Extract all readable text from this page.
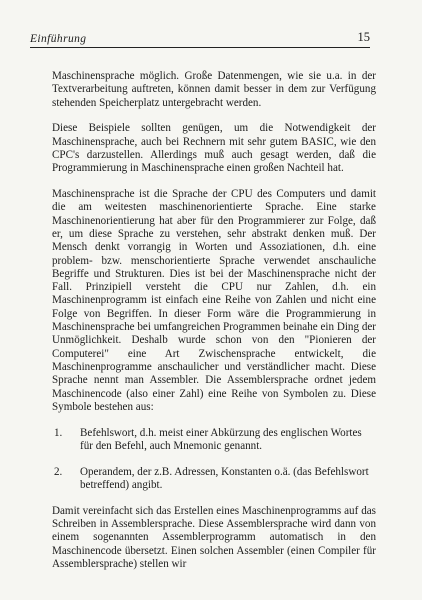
Einführung	15

Maschinensprache möglich. Große Datenmengen, wie sie u.a. in der Textverarbeitung auftreten, können damit besser in dem zur Verfügung stehenden Speicherplatz untergebracht werden.

Diese Beispiele sollten genügen, um die Notwendigkeit der Maschinensprache, auch bei Rechnern mit sehr gutem BASIC, wie den CPC's darzustellen. Allerdings muß auch gesagt werden, daß die Programmierung in Maschinensprache einen großen Nachteil hat.

Maschinensprache ist die Sprache der CPU des Computers und damit die am weitesten maschinenorientierte Sprache. Eine starke Maschinenorientierung hat aber für den Programmierer zur Folge, daß er, um diese Sprache zu verstehen, sehr abstrakt denken muß. Der Mensch denkt vorrangig in Worten und Assoziationen, d.h. eine problem- bzw. menschorientierte Sprache verwendet anschauliche Begriffe und Strukturen. Dies ist bei der Maschinensprache nicht der Fall. Prinzipiell versteht die CPU nur Zahlen, d.h. ein Maschinenprogramm ist einfach eine Reihe von Zahlen und nicht eine Folge von Begriffen. In dieser Form wäre die Programmierung in Maschinensprache bei umfangreichen Programmen beinahe ein Ding der Unmöglichkeit. Deshalb wurde schon von den "Pionieren der Computerei" eine Art Zwischensprache entwickelt, die Maschinenprogramme anschaulicher und verständlicher macht. Diese Sprache nennt man Assembler. Die Assemblersprache ordnet jedem Maschinencode (also einer Zahl) eine Reihe von Symbolen zu. Diese Symbole bestehen aus:

1. Befehlswort, d.h. meist einer Abkürzung des englischen Wortes für den Befehl, auch Mnemonic genannt.
2. Operandem, der z.B. Adressen, Konstanten o.ä. (das Befehlswort betreffend) angibt.

Damit vereinfacht sich das Erstellen eines Maschinenprogramms auf das Schreiben in Assemblersprache. Diese Assemblersprache wird dann von einem sogenannten Assemblerprogramm automatisch in den Maschinencode übersetzt. Einen solchen Assembler (einen Compiler für Assemblersprache) stellen wir
